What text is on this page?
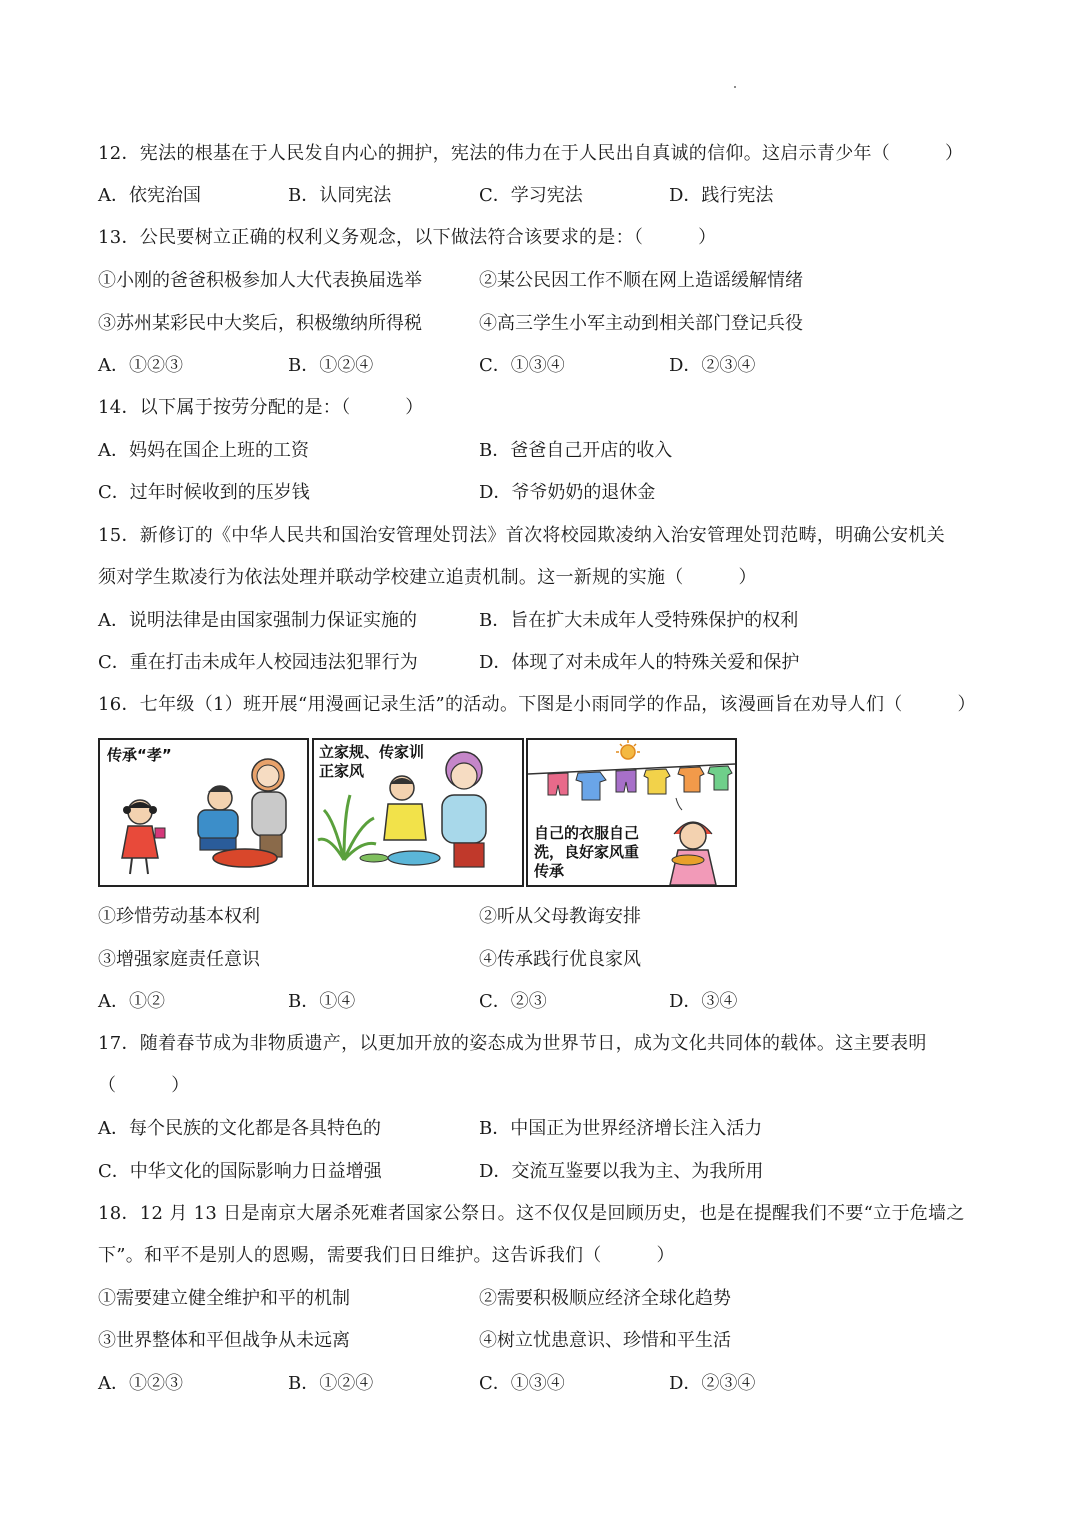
12．宪法的根基在于人民发自内心的拥护，宪法的伟力在于人民出自真诚的信仰。这启示青少年（　　　）
A．依宪治国	B．认同宪法	C．学习宪法	D．践行宪法
13．公民要树立正确的权利义务观念，以下做法符合该要求的是：（　　　）
①小刚的爸爸积极参加人大代表换届选举	②某公民因工作不顺在网上造谣缓解情绪
③苏州某彩民中大奖后，积极缴纳所得税	④高三学生小军主动到相关部门登记兵役
A．①②③	B．①②④	C．①③④	D．②③④
14．以下属于按劳分配的是：（　　　）
A．妈妈在国企上班的工资	B．爸爸自己开店的收入
C．过年时候收到的压岁钱	D．爷爷奶奶的退休金
15．新修订的《中华人民共和国治安管理处罚法》首次将校园欺凌纳入治安管理处罚范畴，明确公安机关
须对学生欺凌行为依法处理并联动学校建立追责机制。这一新规的实施（　　　）
A．说明法律是由国家强制力保证实施的	B．旨在扩大未成年人受特殊保护的权利
C．重在打击未成年人校园违法犯罪行为	D．体现了对未成年人的特殊关爱和保护
16．七年级（1）班开展“用漫画记录生活”的活动。下图是小雨同学的作品，该漫画旨在劝导人们（　　　）
传承“孝”	立家规、传家训
正家风
自己的衣服自己
洗，良好家风重
传承
①珍惜劳动基本权利	②听从父母教诲安排
③增强家庭责任意识	④传承践行优良家风
A．①②	B．①④	C．②③	D．③④
17．随着春节成为非物质遗产，以更加开放的姿态成为世界节日，成为文化共同体的载体。这主要表明
（　　　）
A．每个民族的文化都是各具特色的	B．中国正为世界经济增长注入活力
C．中华文化的国际影响力日益增强	D．交流互鉴要以我为主、为我所用
18．12 月 13 日是南京大屠杀死难者国家公祭日。这不仅仅是回顾历史，也是在提醒我们不要“立于危墙之
下”。和平不是别人的恩赐，需要我们日日维护。这告诉我们（　　　）
①需要建立健全维护和平的机制	②需要积极顺应经济全球化趋势
③世界整体和平但战争从未远离	④树立忧患意识、珍惜和平生活
A．①②③	B．①②④	C．①③④	D．②③④
